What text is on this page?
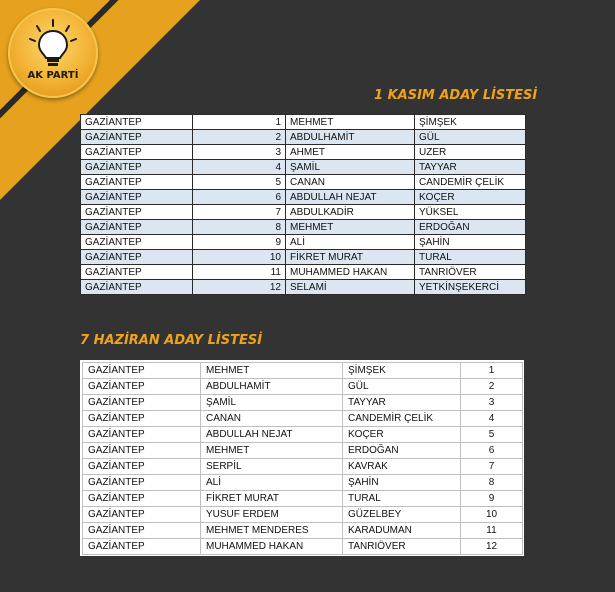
AK PARTİ
1 KASIM ADAY LİSTESİ
GAZİANTEP	1	MEHMET	ŞİMŞEK
GAZİANTEP	2	ABDULHAMİT	GÜL
GAZİANTEP	3	AHMET	UZER
GAZİANTEP	4	ŞAMİL	TAYYAR
GAZİANTEP	5	CANAN	CANDEMİR ÇELİK
GAZİANTEP	6	ABDULLAH NEJAT	KOÇER
GAZİANTEP	7	ABDULKADİR	YÜKSEL
GAZİANTEP	8	MEHMET	ERDOĞAN
GAZİANTEP	9	ALİ	ŞAHİN
GAZİANTEP	10	FİKRET MURAT	TURAL
GAZİANTEP	11	MUHAMMED HAKAN	TANRIÖVER
GAZİANTEP	12	SELAMİ	YETKİNŞEKERCİ
7 HAZİRAN ADAY LİSTESİ
GAZİANTEP	MEHMET	ŞİMŞEK	1
GAZİANTEP	ABDULHAMİT	GÜL	2
GAZİANTEP	ŞAMİL	TAYYAR	3
GAZİANTEP	CANAN	CANDEMİR ÇELİK	4
GAZİANTEP	ABDULLAH NEJAT	KOÇER	5
GAZİANTEP	MEHMET	ERDOĞAN	6
GAZİANTEP	SERPİL	KAVRAK	7
GAZİANTEP	ALİ	ŞAHİN	8
GAZİANTEP	FİKRET MURAT	TURAL	9
GAZİANTEP	YUSUF ERDEM	GÜZELBEY	10
GAZİANTEP	MEHMET MENDERES	KARADUMAN	11
GAZİANTEP	MUHAMMED HAKAN	TANRIÖVER	12
